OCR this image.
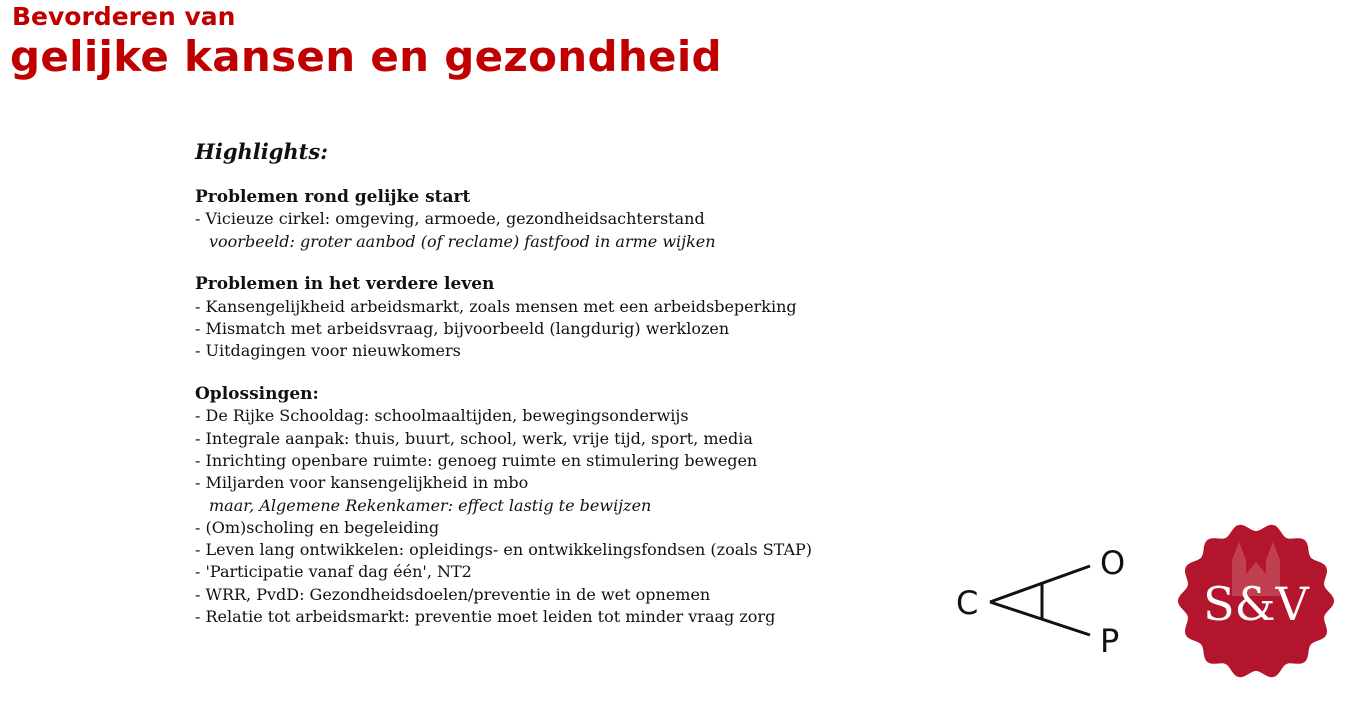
Bevorderen van
gelijke kansen en gezondheid
Highlights:
Problemen rond gelijke start
- Vicieuze cirkel: omgeving, armoede, gezondheidsachterstand
voorbeeld: groter aanbod (of reclame) fastfood in arme wijken
Problemen in het verdere leven
- Kansengelijkheid arbeidsmarkt, zoals mensen met een arbeidsbeperking
- Mismatch met arbeidsvraag, bijvoorbeeld (langdurig) werklozen
- Uitdagingen voor nieuwkomers
Oplossingen:
- De Rijke Schooldag: schoolmaaltijden, bewegingsonderwijs
- Integrale aanpak: thuis, buurt, school, werk, vrije tijd, sport, media
- Inrichting openbare ruimte: genoeg ruimte en stimulering bewegen
- Miljarden voor kansengelijkheid in mbo
maar, Algemene Rekenkamer: effect lastig te bewijzen
- (Om)scholing en begeleiding
- Leven lang ontwikkelen: opleidings- en ontwikkelingsfondsen (zoals STAP)
- 'Participatie vanaf dag één', NT2
- WRR, PvdD: Gezondheidsdoelen/preventie in de wet opnemen
- Relatie tot arbeidsmarkt: preventie moet leiden tot minder vraag zorg	C
O
P
S&V
